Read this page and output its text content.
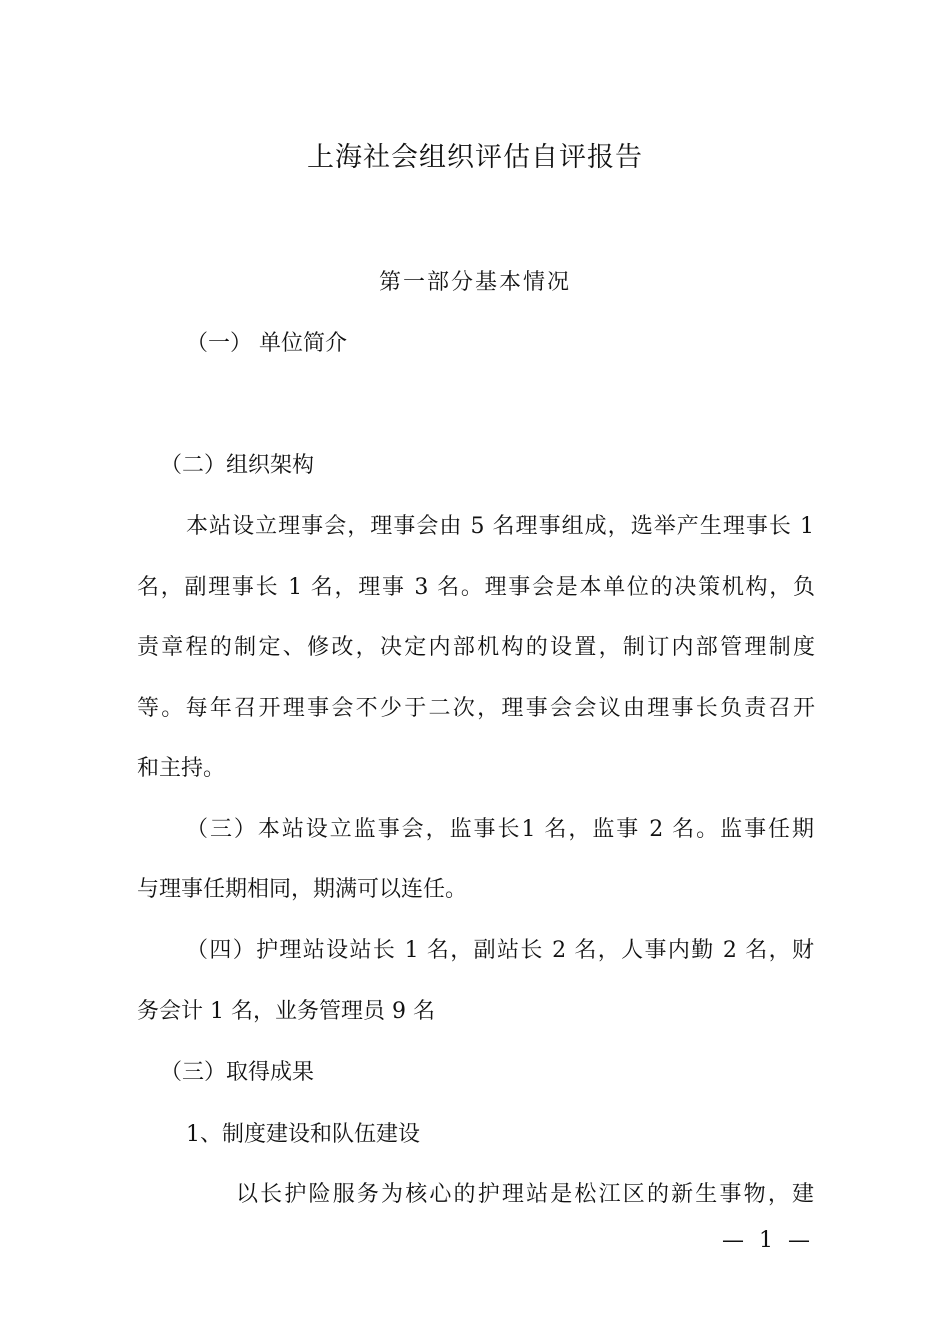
上海社会组织评估自评报告
第一部分基本情况
（一） 单位简介
（二）组织架构
本站设立理事会，理事会由 5 名理事组成，选举产生理事长 1
名，副理事长 1 名，理事 3 名。理事会是本单位的决策机构，负
责章程的制定、修改，决定内部机构的设置，制订内部管理制度
等。每年召开理事会不少于二次，理事会会议由理事长负责召开
和主持。
（三）本站设立监事会，监事长1 名，监事 2 名。监事任期
与理事任期相同，期满可以连任。
（四）护理站设站长 1 名，副站长 2 名，人事内勤 2 名，财
务会计 1 名，业务管理员 9 名
（三）取得成果
1、制度建设和队伍建设
以长护险服务为核心的护理站是松江区的新生事物，建
— 1 —
